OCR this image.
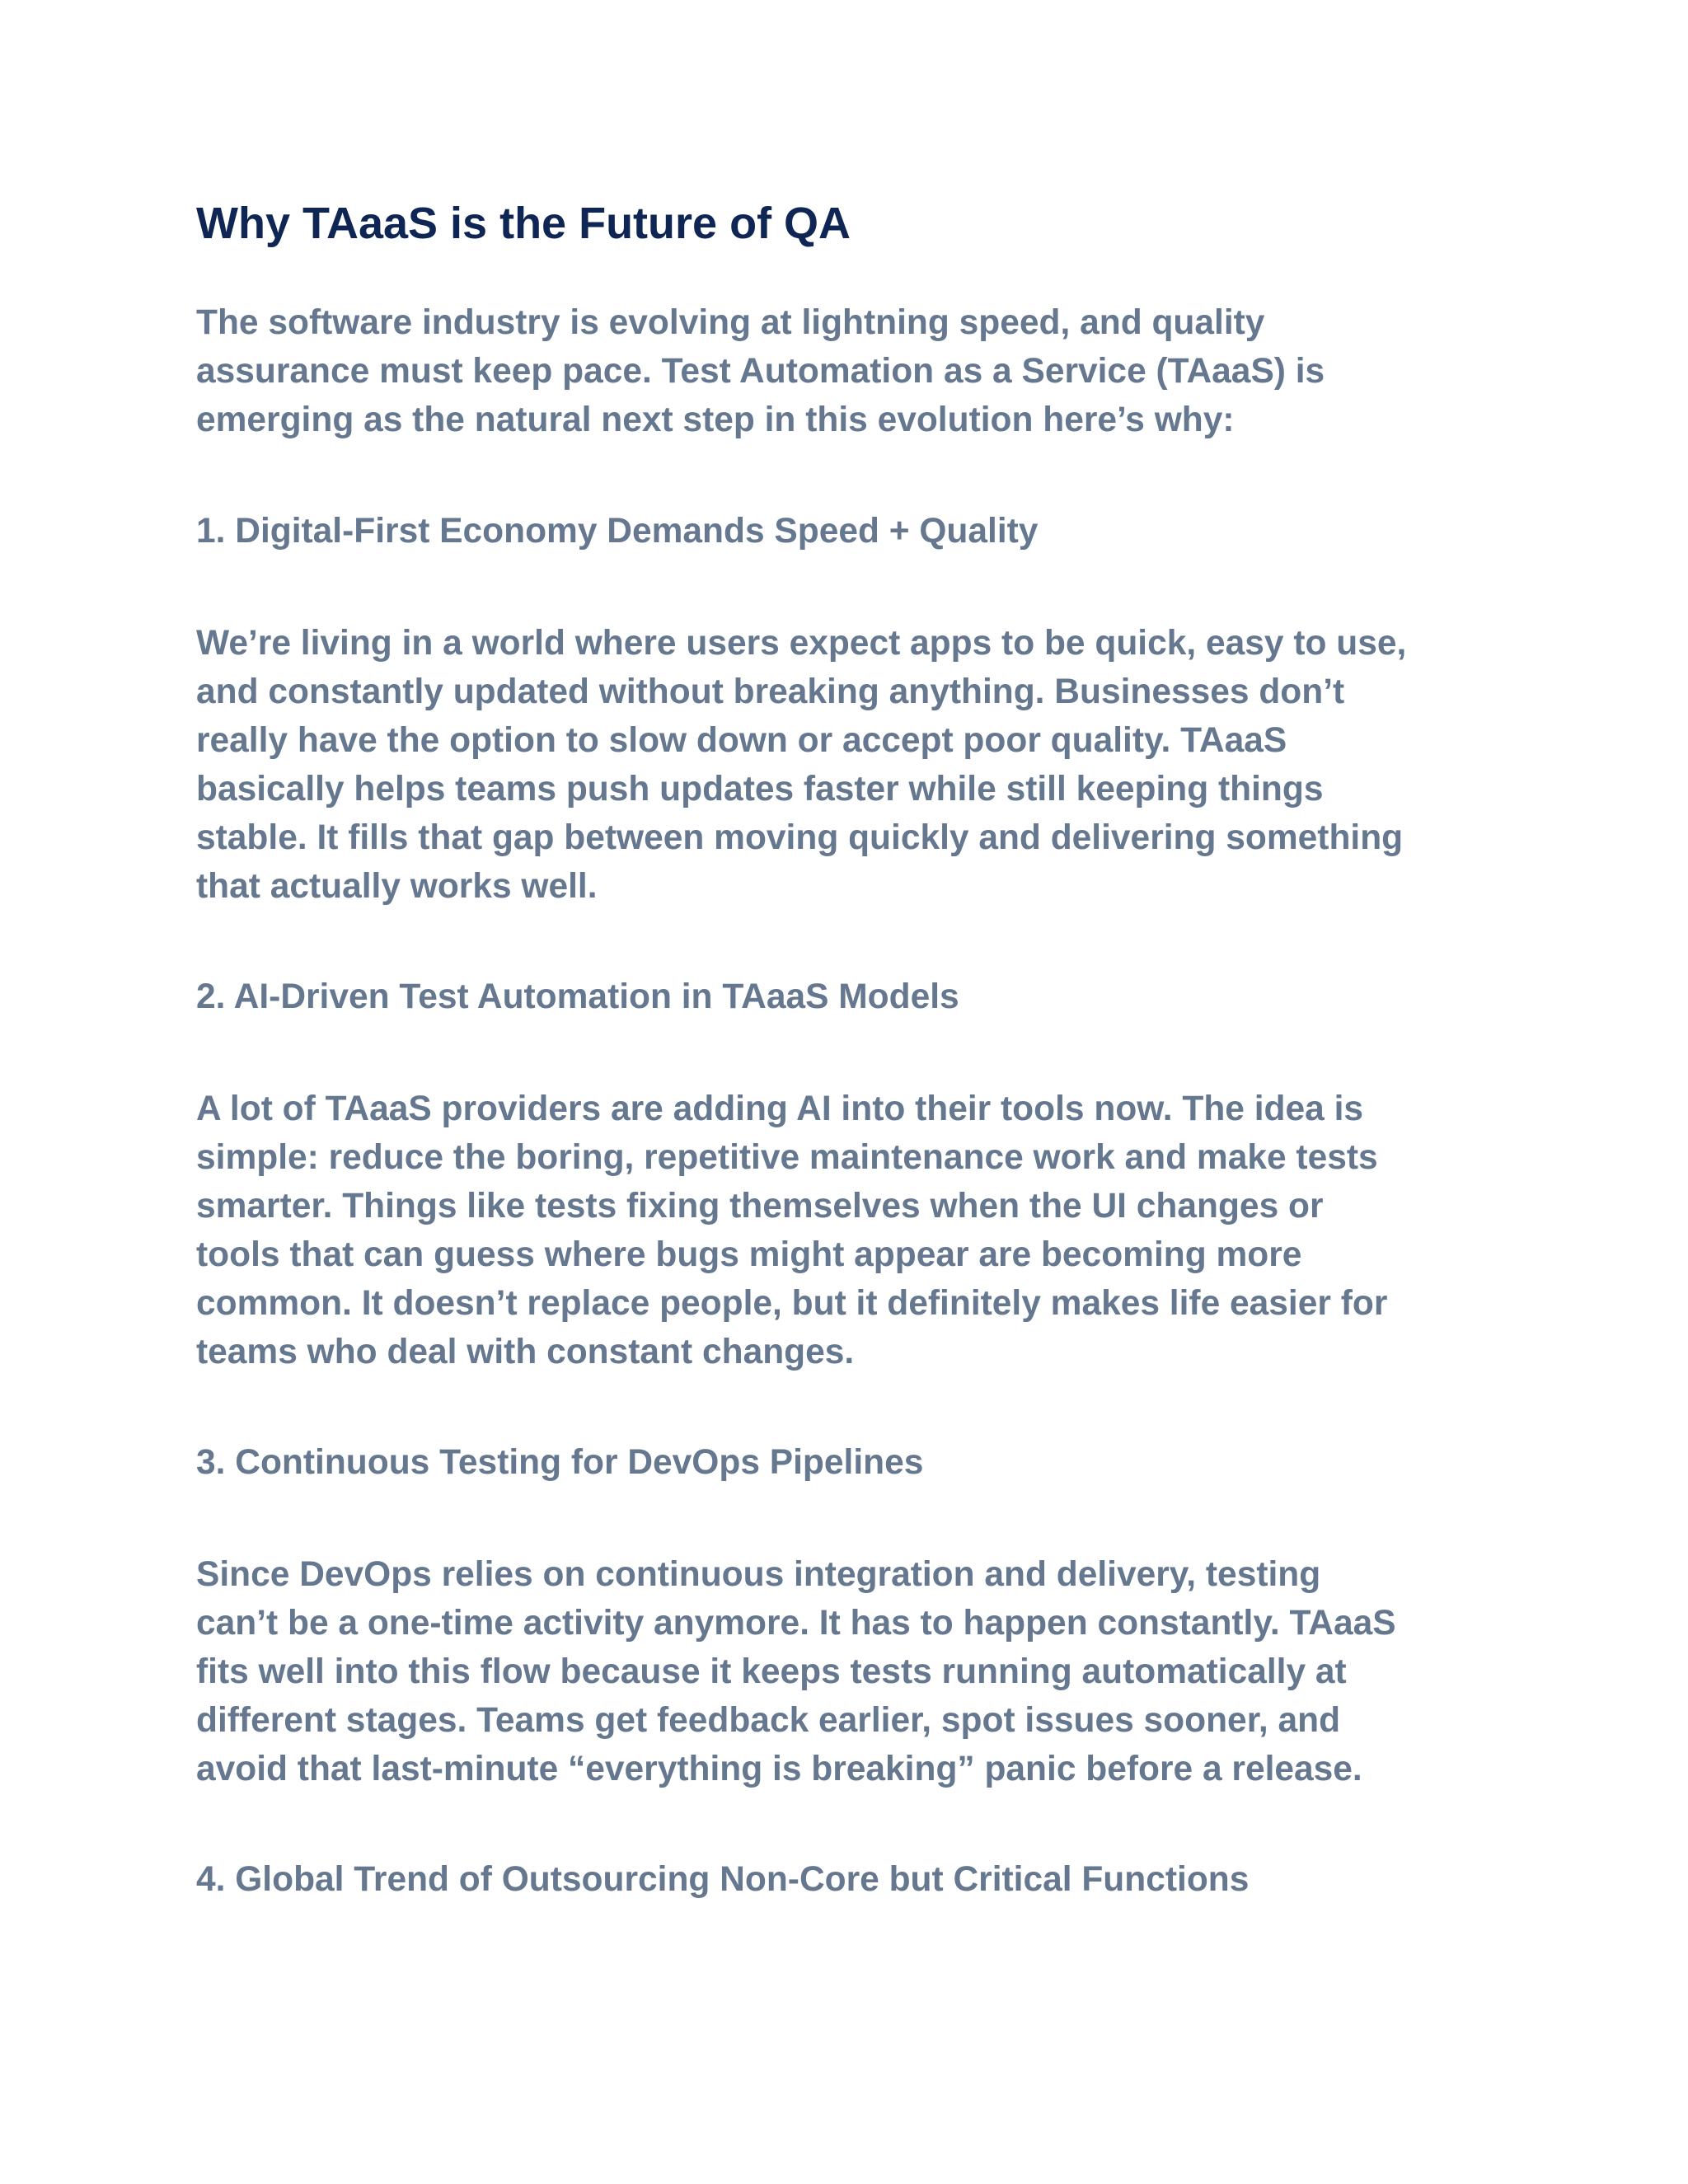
Why TAaaS is the Future of QA

The software industry is evolving at lightning speed, and quality
assurance must keep pace. Test Automation as a Service (TAaaS) is
emerging as the natural next step in this evolution here’s why:

1. Digital-First Economy Demands Speed + Quality

We’re living in a world where users expect apps to be quick, easy to use,
and constantly updated without breaking anything. Businesses don’t
really have the option to slow down or accept poor quality. TAaaS
basically helps teams push updates faster while still keeping things
stable. It fills that gap between moving quickly and delivering something
that actually works well.

2. AI-Driven Test Automation in TAaaS Models

A lot of TAaaS providers are adding AI into their tools now. The idea is
simple: reduce the boring, repetitive maintenance work and make tests
smarter. Things like tests fixing themselves when the UI changes or
tools that can guess where bugs might appear are becoming more
common. It doesn’t replace people, but it definitely makes life easier for
teams who deal with constant changes.

3. Continuous Testing for DevOps Pipelines

Since DevOps relies on continuous integration and delivery, testing
can’t be a one-time activity anymore. It has to happen constantly. TAaaS
fits well into this flow because it keeps tests running automatically at
different stages. Teams get feedback earlier, spot issues sooner, and
avoid that last-minute “everything is breaking” panic before a release.

4. Global Trend of Outsourcing Non-Core but Critical Functions
